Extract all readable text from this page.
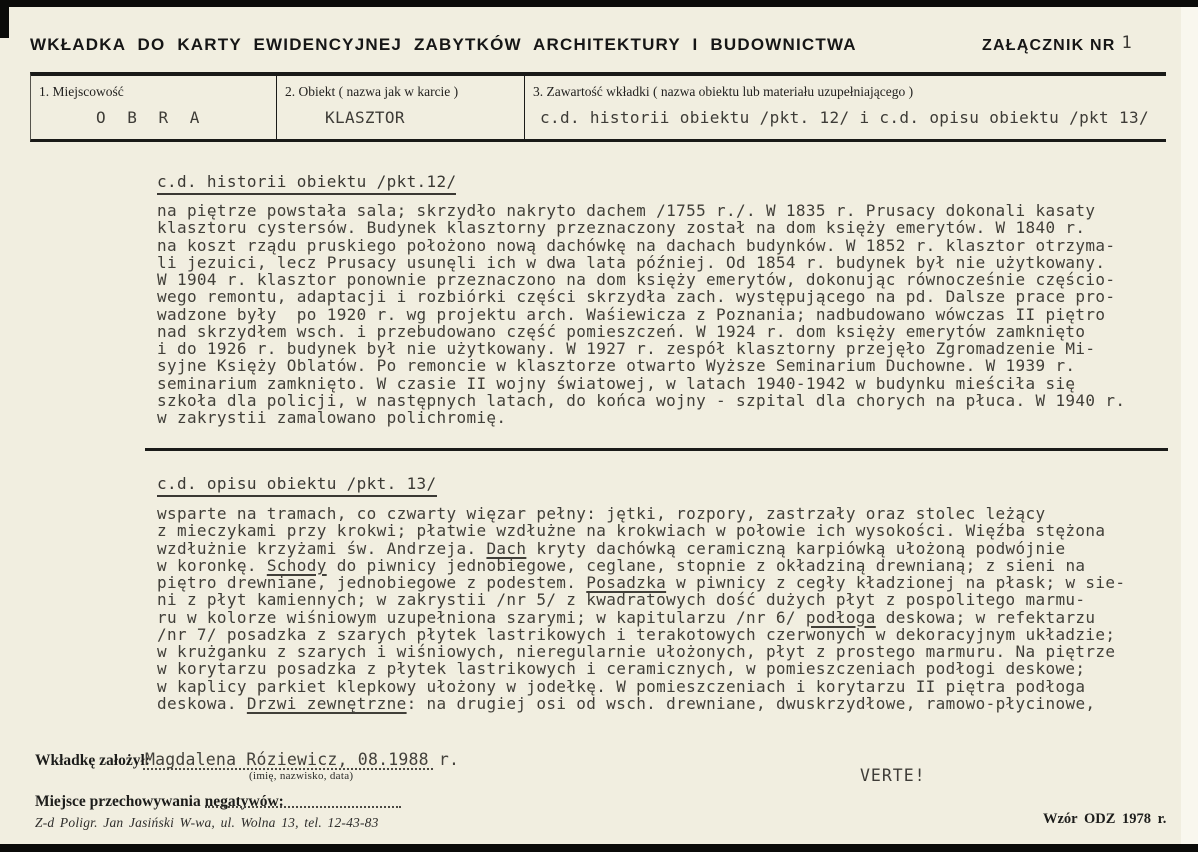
WKŁADKA DO KARTY EWIDENCYJNEJ ZABYTKÓW ARCHITEKTURY I BUDOWNICTWA	ZAŁĄCZNIK NR 1
1. Miejscowość
O B R A
2. Obiekt ( nazwa jak w karcie )
KLASZTOR
3. Zawartość wkładki ( nazwa obiektu lub materiału uzupełniającego )
c.d. historii obiektu /pkt. 12/ i c.d. opisu obiektu /pkt 13/
c.d. historii obiektu /pkt.12/
na piętrze powstała sala; skrzydło nakryto dachem /1755 r./. W 1835 r. Prusacy dokonali kasaty
klasztoru cystersów. Budynek klasztorny przeznaczony został na dom księży emerytów. W 1840 r.
na koszt rządu pruskiego położono nową dachówkę na dachach budynków. W 1852 r. klasztor otrzyma-
li jezuici, lecz Prusacy usunęli ich w dwa lata później. Od 1854 r. budynek był nie użytkowany.
W 1904 r. klasztor ponownie przeznaczono na dom księży emerytów, dokonując równocześnie częścio-
wego remontu, adaptacji i rozbiórki części skrzydła zach. występującego na pd. Dalsze prace pro-
wadzone były  po 1920 r. wg projektu arch. Waśiewicza z Poznania; nadbudowano wówczas II piętro
nad skrzydłem wsch. i przebudowano część pomieszczeń. W 1924 r. dom księży emerytów zamknięto
i do 1926 r. budynek był nie użytkowany. W 1927 r. zespół klasztorny przejęło Zgromadzenie Mi-
syjne Księży Oblatów. Po remoncie w klasztorze otwarto Wyższe Seminarium Duchowne. W 1939 r.
seminarium zamknięto. W czasie II wojny światowej, w latach 1940-1942 w budynku mieściła się
szkoła dla policji, w następnych latach, do końca wojny - szpital dla chorych na płuca. W 1940 r.
w zakrystii zamalowano polichromię.
c.d. opisu obiektu /pkt. 13/
wsparte na tramach, co czwarty więzar pełny: jętki, rozpory, zastrzały oraz stolec leżący
z mieczykami przy krokwi; płatwie wzdłużne na krokwiach w połowie ich wysokości. Więźba stężona
wzdłużnie krzyżami św. Andrzeja. Dach kryty dachówką ceramiczną karpiówką ułożoną podwójnie
w koronkę. Schody do piwnicy jednobiegowe, ceglane, stopnie z okładziną drewnianą; z sieni na
piętro drewniane, jednobiegowe z podestem. Posadzka w piwnicy z cegły kładzionej na płask; w sie-
ni z płyt kamiennych; w zakrystii /nr 5/ z kwadratowych dość dużych płyt z pospolitego marmu-
ru w kolorze wiśniowym uzupełniona szarymi; w kapitularzu /nr 6/ podłoga deskowa; w refektarzu
/nr 7/ posadzka z szarych płytek lastrikowych i terakotowych czerwonych w dekoracyjnym układzie;
w krużganku z szarych i wiśniowych, nieregularnie ułożonych, płyt z prostego marmuru. Na piętrze
w korytarzu posadzka z płytek lastrikowych i ceramicznych, w pomieszczeniach podłogi deskowe;
w kaplicy parkiet klepkowy ułożony w jodełkę. W pomieszczeniach i korytarzu II piętra podłoga
deskowa. Drzwi zewnętrzne: na drugiej osi od wsch. drewniane, dwuskrzydłowe, ramowo-płycinowe,
Wkładkę założył:
Magdalena Róziewicz, 08.1988 r.
(imię, nazwisko, data)	VERTE!
Miejsce przechowywania negatywów:
Z-d Poligr. Jan Jasiński W-wa, ul. Wolna 13, tel. 12-43-83	Wzór ODZ 1978 r.
